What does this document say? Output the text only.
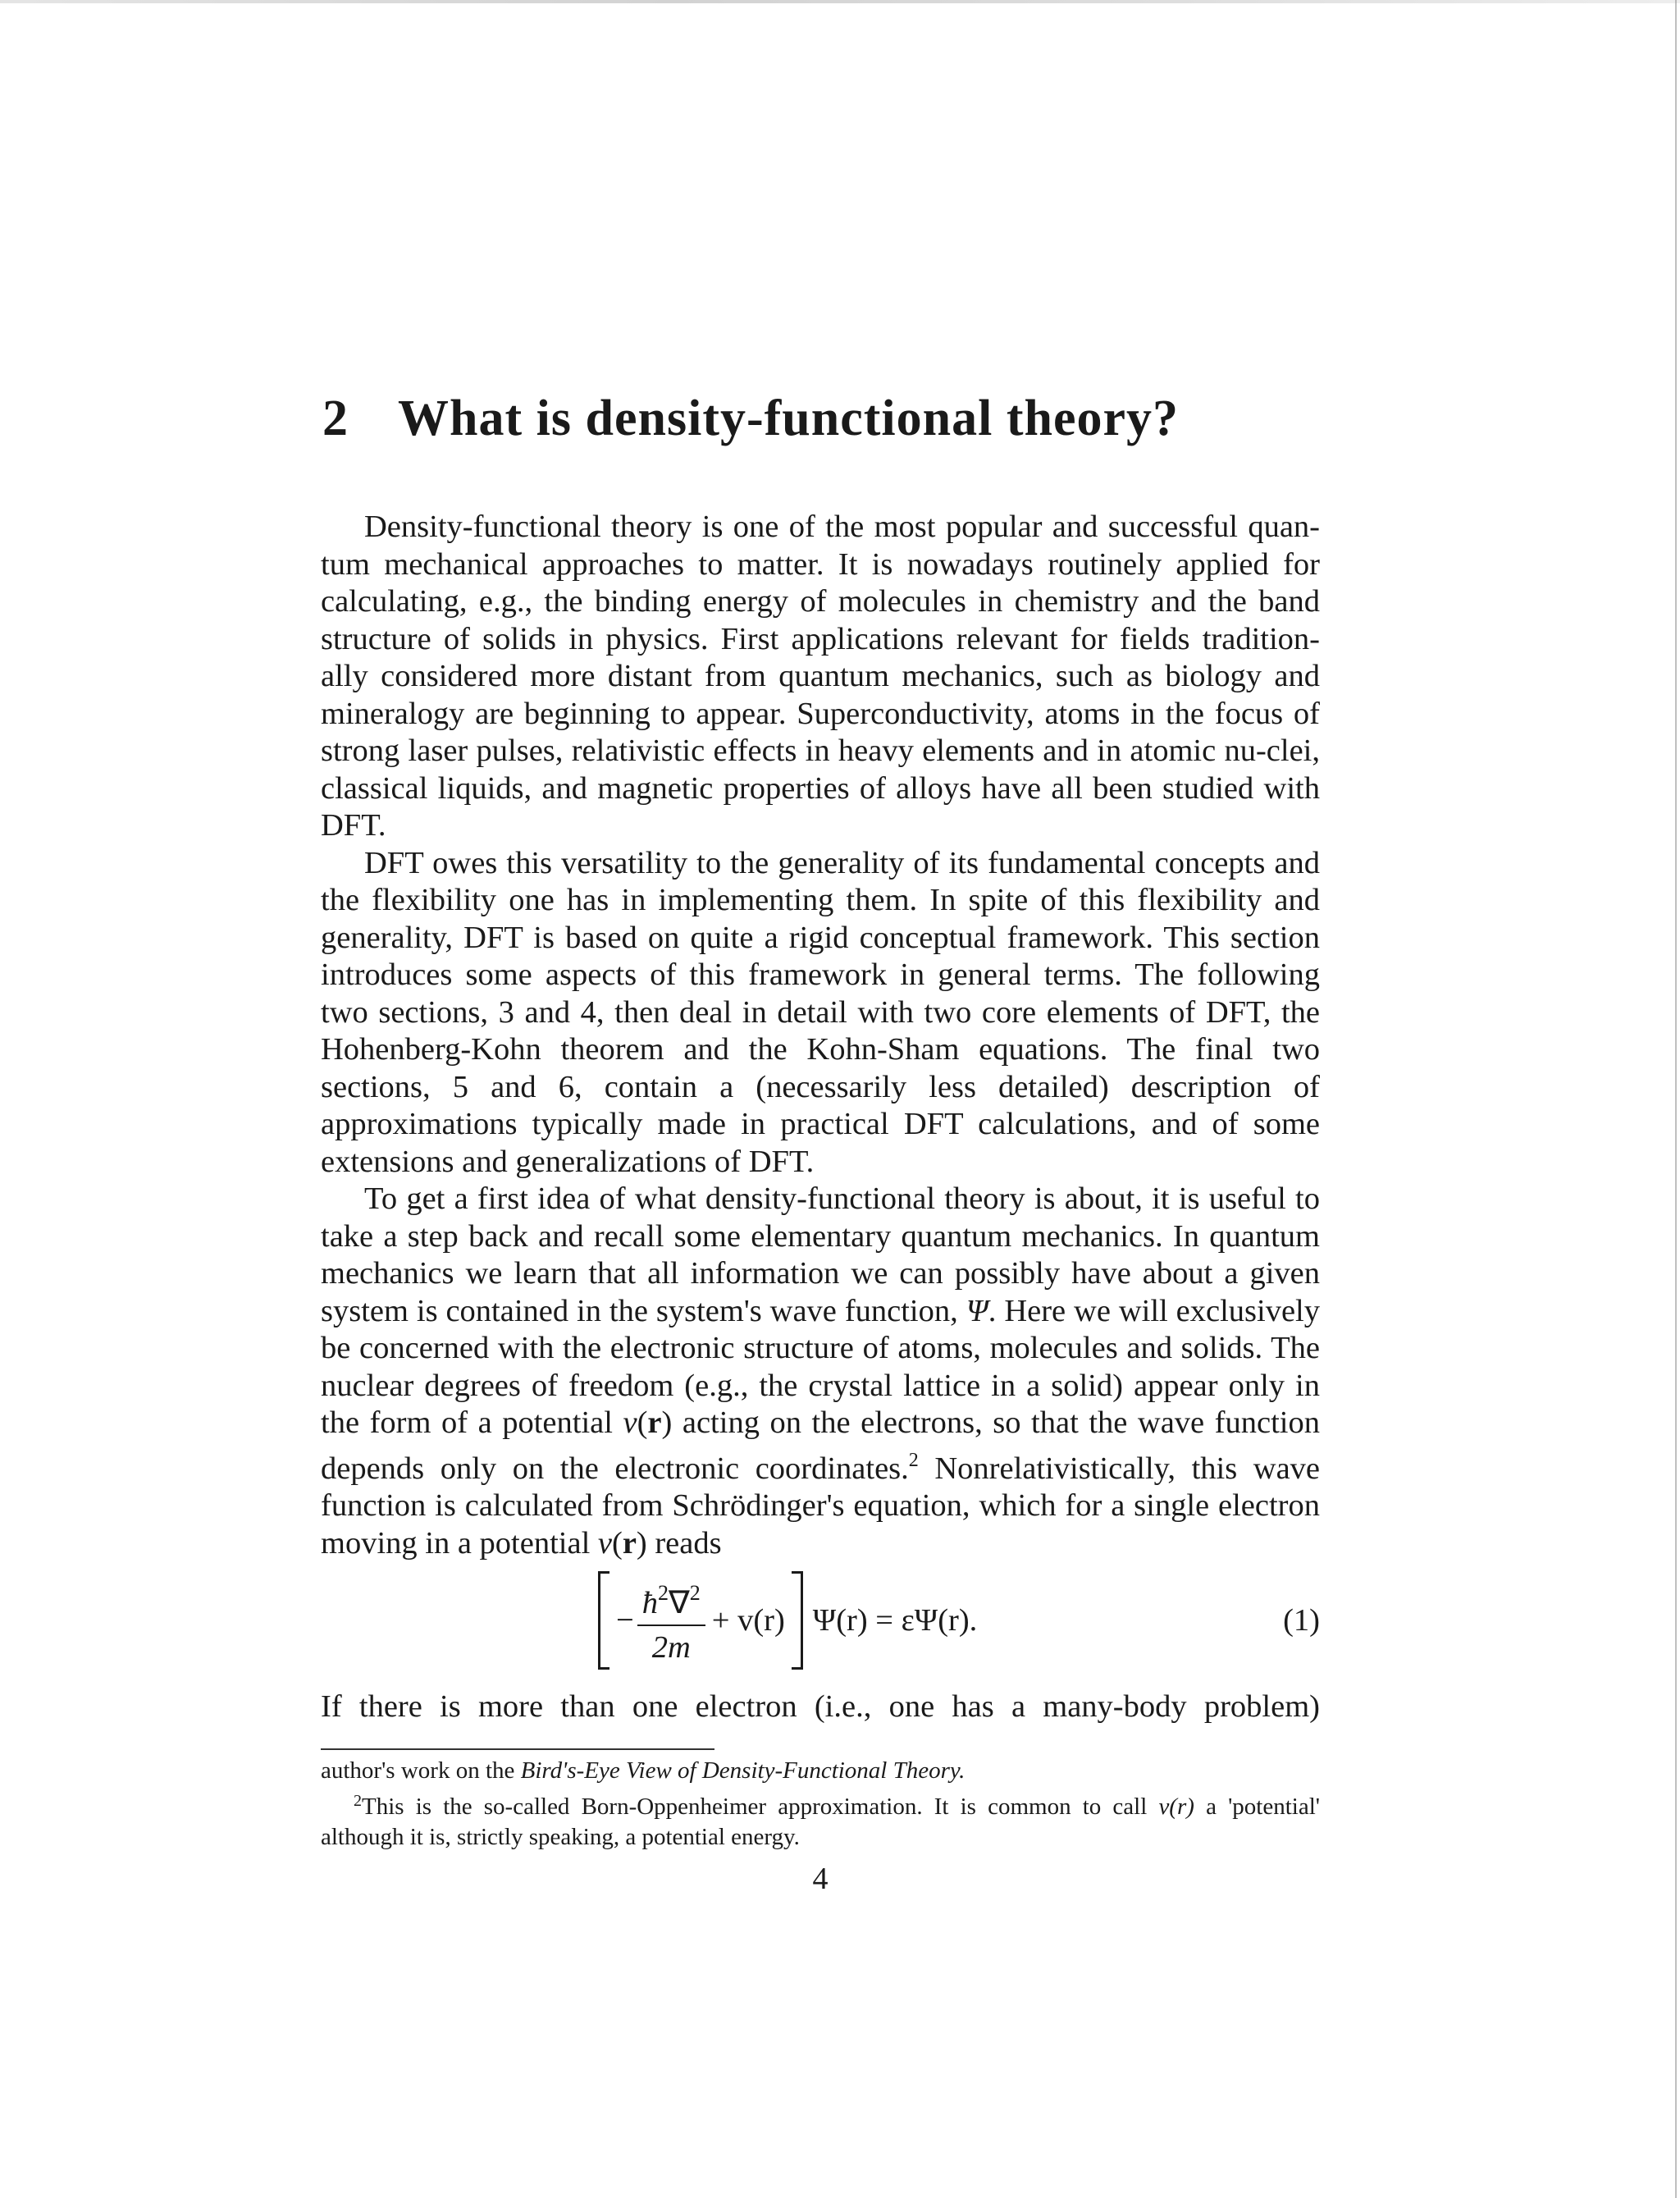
2 What is density-functional theory?

Density-functional theory is one of the most popular and successful quan-tum mechanical approaches to matter. It is nowadays routinely applied for calculating, e.g., the binding energy of molecules in chemistry and the band structure of solids in physics. First applications relevant for fields tradition-ally considered more distant from quantum mechanics, such as biology and mineralogy are beginning to appear. Superconductivity, atoms in the focus of strong laser pulses, relativistic effects in heavy elements and in atomic nu-clei, classical liquids, and magnetic properties of alloys have all been studied with DFT.

DFT owes this versatility to the generality of its fundamental concepts and the flexibility one has in implementing them. In spite of this flexibility and generality, DFT is based on quite a rigid conceptual framework. This section introduces some aspects of this framework in general terms. The following two sections, 3 and 4, then deal in detail with two core elements of DFT, the Hohenberg-Kohn theorem and the Kohn-Sham equations. The final two sections, 5 and 6, contain a (necessarily less detailed) description of approximations typically made in practical DFT calculations, and of some extensions and generalizations of DFT.

To get a first idea of what density-functional theory is about, it is useful to take a step back and recall some elementary quantum mechanics. In quantum mechanics we learn that all information we can possibly have about a given system is contained in the system's wave function, Ψ. Here we will exclusively be concerned with the electronic structure of atoms, molecules and solids. The nuclear degrees of freedom (e.g., the crystal lattice in a solid) appear only in the form of a potential v(r) acting on the electrons, so that the wave function depends only on the electronic coordinates.$^2$ Nonrelativistically, this wave function is calculated from Schrödinger's equation, which for a single electron moving in a potential v(r) reads

− $\frac{ħ^2\nabla^2}{2m} + v(r) \Psi(r) = \varepsilon\Psi(r)$.	(1)
If there is more than one electron (i.e., one has a many-body problem)

author's work on the Bird's-Eye View of Density-Functional Theory.

$^2$This is the so-called Born-Oppenheimer approximation. It is common to call v(r) a 'potential' although it is, strictly speaking, a potential energy.

4
